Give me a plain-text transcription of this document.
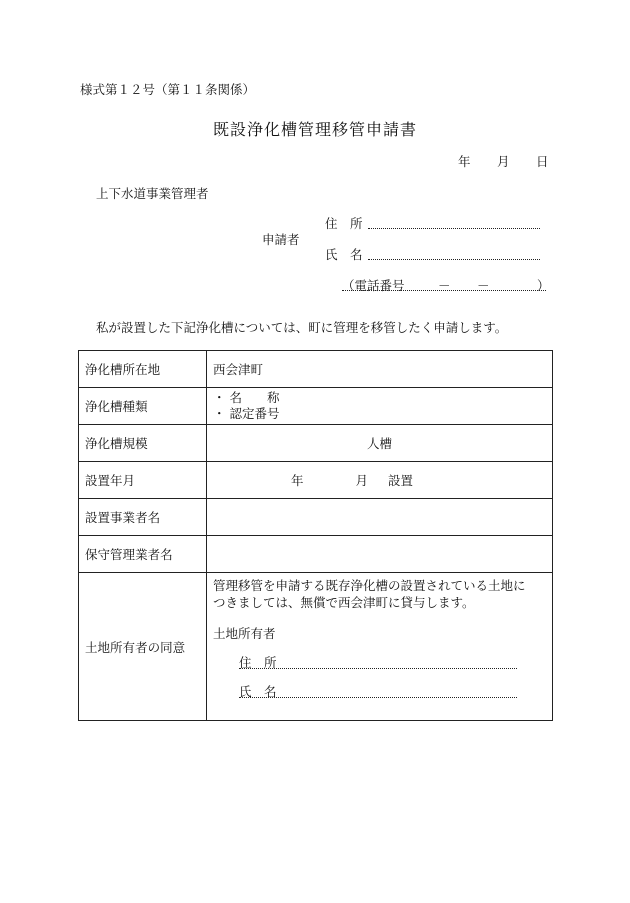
様式第１２号（第１１条関係）
既設浄化槽管理移管申請書
年 月 日
上下水道事業管理者
申請者
住　所
氏　名
（電話番号	－ －	）
私が設置した下記浄化槽については、町に管理を移管したく申請します。
浄化槽所在地	西会津町

浄化槽種類	・ 名　　称
・ 認定番号

浄化槽規模	人槽

設置年月	年 月 設置

設置事業者名	

保守管理業者名	

土地所有者の同意	管理移管を申請する既存浄化槽の設置されている土地に
つきましては、無償で西会津町に貸与します。
土地所有者
住　所
氏　名
